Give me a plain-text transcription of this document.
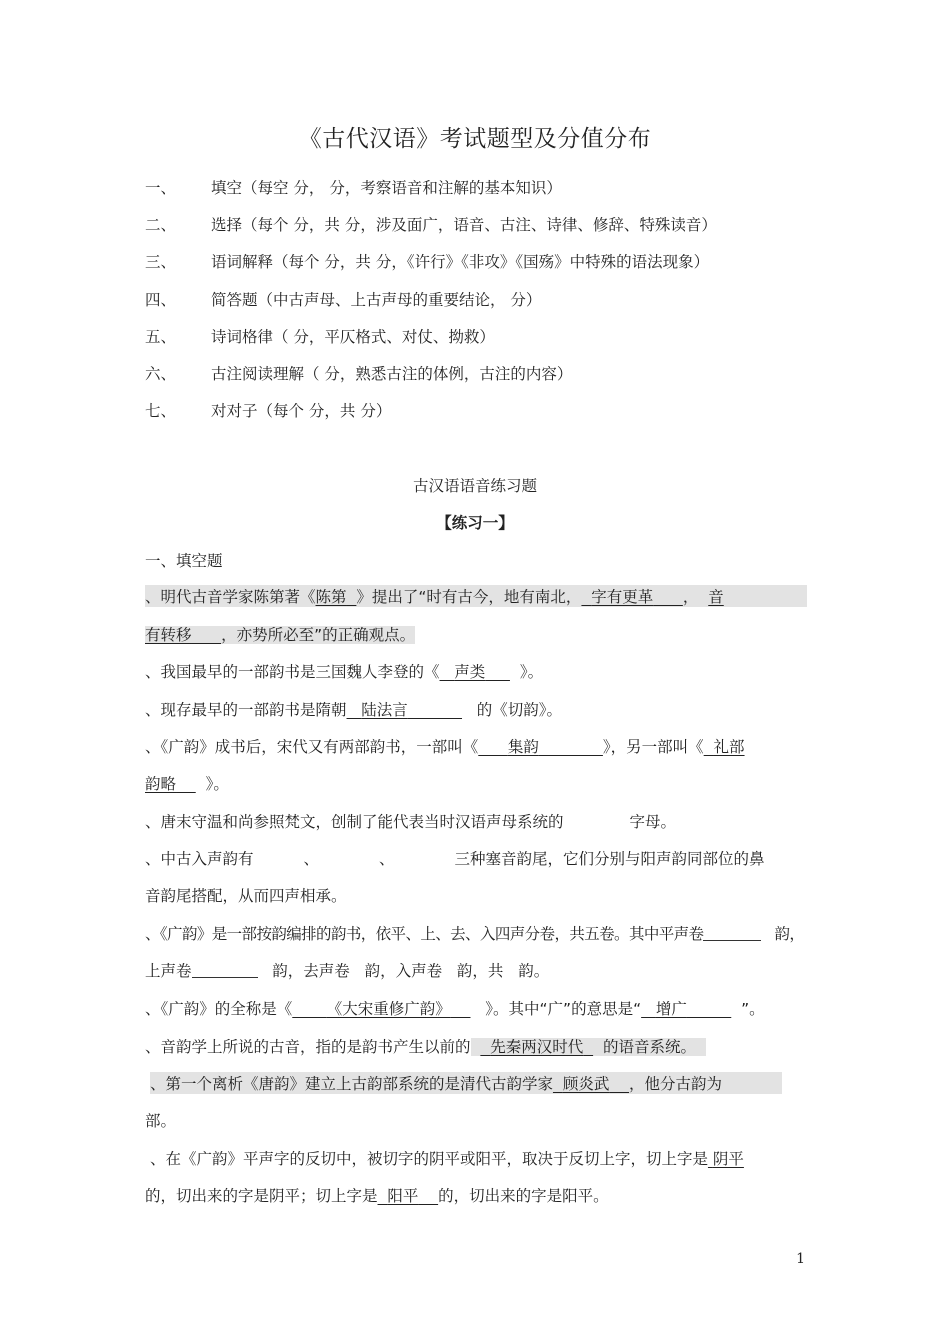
《古代汉语》考试题型及分值分布
一、 填空（每空 分， 分，考察语音和注解的基本知识）
二、 选择（每个 分，共 分，涉及面广，语音、古注、诗律、修辞、特殊读音）
三、 语词解释（每个 分，共 分，《许行》《非攻》《国殇》中特殊的语法现象）
四、 简答题（中古声母、上古声母的重要结论， 分）
五、 诗词格律（ 分，平仄格式、对仗、拗救）
六、 古注阅读理解（ 分，熟悉古注的体例，古注的内容）
七、 对对子（每个 分，共 分）
古汉语语音练习题
【练习一】
一、填空题
、明代古音学家陈第著《陈第 》提出了“时有古今，地有南北， 字有更革 ， 音
有转移 ，亦势所必至”的正确观点。
、我国最早的一部韵书是三国魏人李登的《 声类 》。
、现存最早的一部韵书是隋朝 陆法言	的《切韵》。
、《广韵》成书后，宋代又有两部韵书，一部叫《 集韵	》，另一部叫《 礼部
韵略 》。
、唐末守温和尚参照梵文，创制了能代表当时汉语声母系统的	字母。
、中古入声韵有	、	、	三种塞音韵尾，它们分别与阳声韵同部位的鼻
音韵尾搭配，从而四声相承。
、《广韵》是一部按韵编排的韵书，依平、上、去、入四声分卷，共五卷。其中平声卷	韵，
上声卷	韵，去声卷 韵，入声卷 韵，共 韵。
、《广韵》的全称是《 《大宋重修广韵》 》。其中“广”的意思是“ 增广	”。
、音韵学上所说的古音，指的是韵书产生以前的 先秦两汉时代 的语音系统。
、第一个离析《唐韵》建立上古韵部系统的是清代古韵学家 顾炎武 ，他分古韵为
部。
、在《广韵》平声字的反切中，被切字的阴平或阳平，取决于反切上字，切上字是 阴平
的，切出来的字是阴平；切上字是 阳平 的，切出来的字是阳平。
1
